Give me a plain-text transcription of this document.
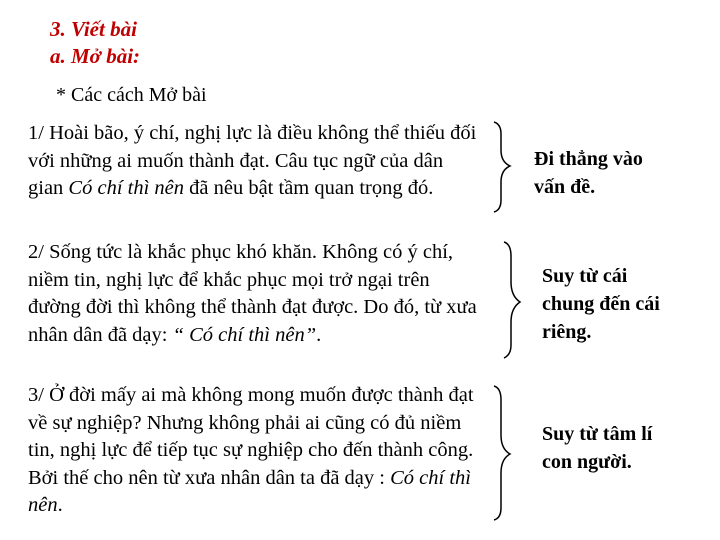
3. Viết bài
a. Mở bài:
* Các cách Mở bài
1/ Hoài bão, ý chí, nghị lực là điều không thể thiếu đối với những ai muốn thành đạt. Câu tục ngữ của dân gian Có chí thì nên đã nêu bật tầm quan trọng đó.
2/ Sống tức là khắc phục khó khăn. Không có ý chí, niềm tin, nghị lực để khắc phục mọi trở ngại trên đường đời thì không thể thành đạt được. Do đó, từ xưa nhân dân đã dạy: “ Có chí thì nên”.
3/ Ở đời mấy ai mà không mong muốn được thành đạt về sự nghiệp? Nhưng không phải ai cũng có đủ niềm tin, nghị lực để tiếp tục sự nghiệp cho đến thành công. Bởi thế cho nên từ xưa nhân dân ta đã dạy : Có chí thì nên.
Đi thẳng vào
vấn đề.
Suy từ cái
chung đến cái
riêng.
Suy từ tâm lí
con người.
